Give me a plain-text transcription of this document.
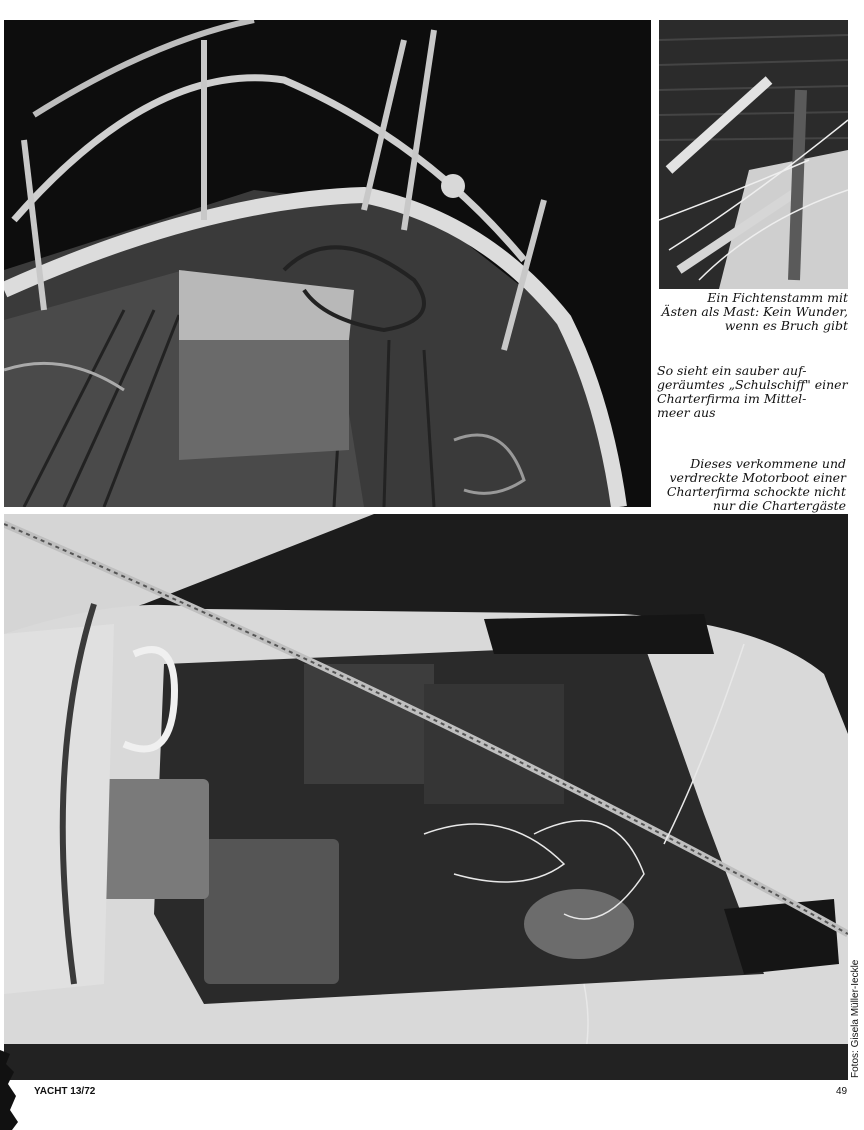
Ein Fichtenstamm mit
Ästen als Mast: Kein Wunder,
wenn es Bruch gibt
So sieht ein sauber auf-
geräumtes „Schulschiff" einer
Charterfirma im Mittel-
meer aus
Dieses verkommene und
verdreckte Motorboot einer
Charterfirma schockte nicht
nur die Chartergäste
YACHT 13/72	49
Fotos: Gisela Müller-Ieckle
